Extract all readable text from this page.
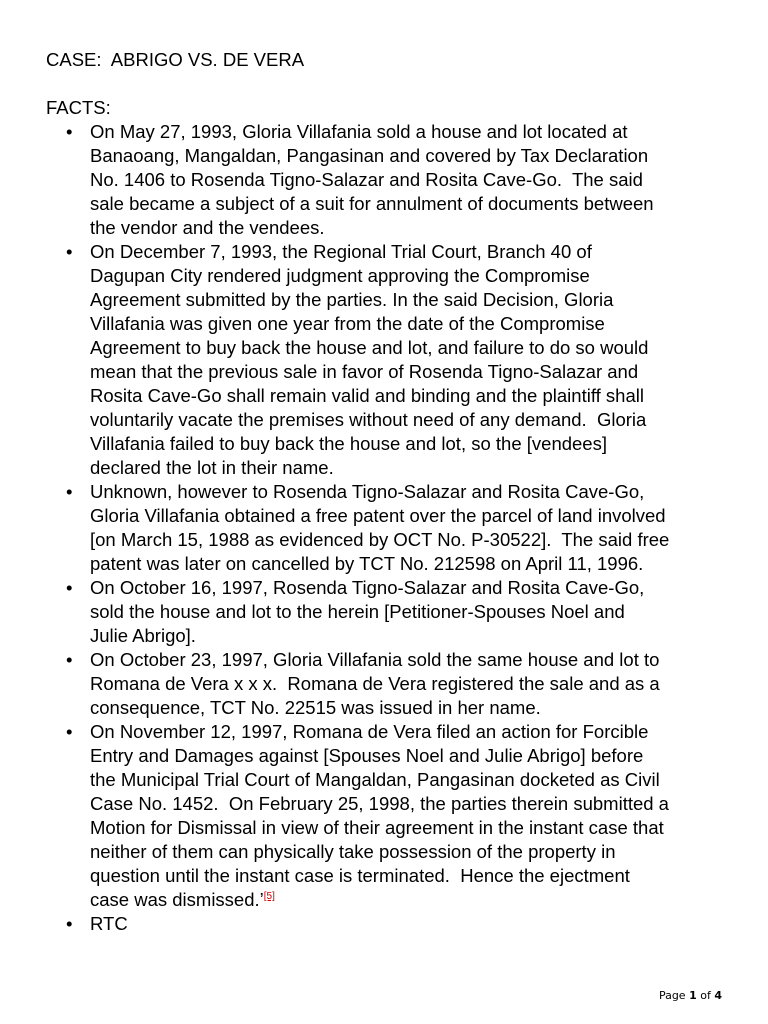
CASE:  ABRIGO VS. DE VERA
FACTS:
• On May 27, 1993, Gloria Villafania sold a house and lot located at
Banaoang, Mangaldan, Pangasinan and covered by Tax Declaration
No. 1406 to Rosenda Tigno-Salazar and Rosita Cave-Go.  The said
sale became a subject of a suit for annulment of documents between
the vendor and the vendees.
• On December 7, 1993, the Regional Trial Court, Branch 40 of
Dagupan City rendered judgment approving the Compromise
Agreement submitted by the parties. In the said Decision, Gloria
Villafania was given one year from the date of the Compromise
Agreement to buy back the house and lot, and failure to do so would
mean that the previous sale in favor of Rosenda Tigno-Salazar and
Rosita Cave-Go shall remain valid and binding and the plaintiff shall
voluntarily vacate the premises without need of any demand.  Gloria
Villafania failed to buy back the house and lot, so the [vendees]
declared the lot in their name.
• Unknown, however to Rosenda Tigno-Salazar and Rosita Cave-Go,
Gloria Villafania obtained a free patent over the parcel of land involved
[on March 15, 1988 as evidenced by OCT No. P-30522].  The said free
patent was later on cancelled by TCT No. 212598 on April 11, 1996.
• On October 16, 1997, Rosenda Tigno-Salazar and Rosita Cave-Go,
sold the house and lot to the herein [Petitioner-Spouses Noel and
Julie Abrigo].
• On October 23, 1997, Gloria Villafania sold the same house and lot to
Romana de Vera x x x.  Romana de Vera registered the sale and as a
consequence, TCT No. 22515 was issued in her name.
• On November 12, 1997, Romana de Vera filed an action for Forcible
Entry and Damages against [Spouses Noel and Julie Abrigo] before
the Municipal Trial Court of Mangaldan, Pangasinan docketed as Civil
Case No. 1452.  On February 25, 1998, the parties therein submitted a
Motion for Dismissal in view of their agreement in the instant case that
neither of them can physically take possession of the property in
question until the instant case is terminated.  Hence the ejectment
case was dismissed.’[5]
• RTC
Page 1 of 4
